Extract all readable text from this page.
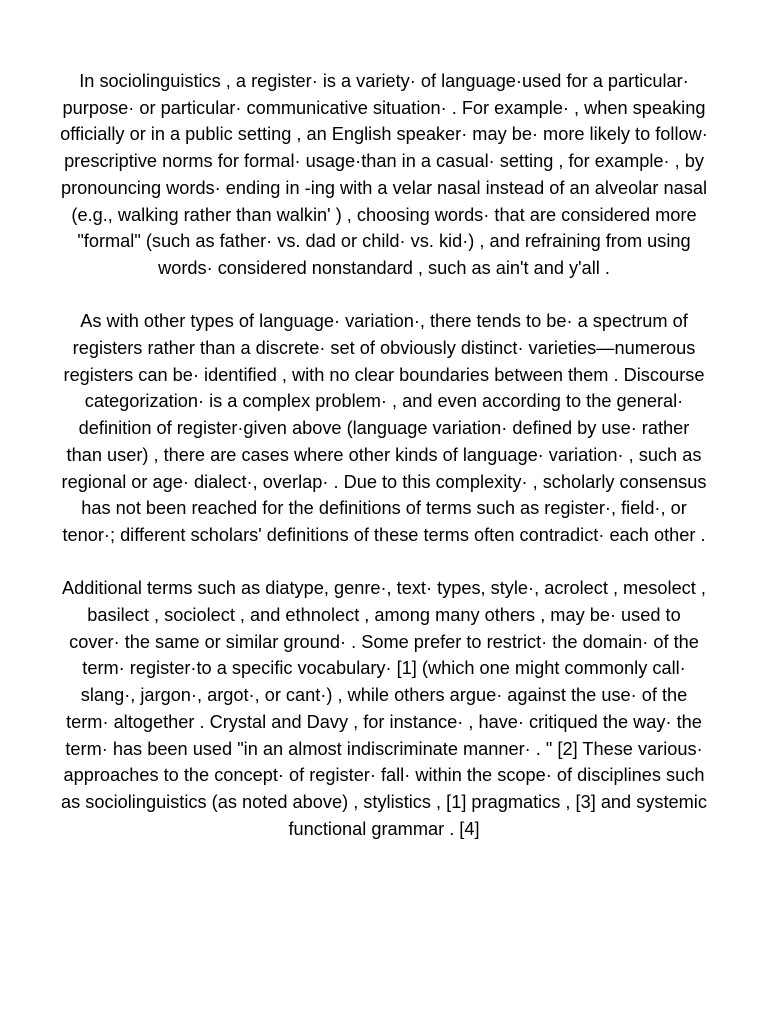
In sociolinguistics , a register· is a variety· of language·used for a particular· purpose· or particular· communicative situation· . For example· , when speaking officially or in a public setting , an English speaker· may be· more likely to follow· prescriptive norms for formal· usage·than in a casual· setting , for example· , by pronouncing words· ending in -ing with a velar nasal instead of an alveolar nasal (e.g., walking rather than walkin' ) , choosing words· that are considered more "formal" (such as father· vs. dad or child· vs. kid·) , and refraining from using words· considered nonstandard , such as ain't and y'all .

As with other types of language· variation·, there tends to be· a spectrum of registers rather than a discrete· set of obviously distinct· varieties—numerous registers can be· identified , with no clear boundaries between them . Discourse categorization· is a complex problem· , and even according to the general· definition of register·given above (language variation· defined by use· rather than user) , there are cases where other kinds of language· variation· , such as regional or age· dialect·, overlap· . Due to this complexity· , scholarly consensus has not been reached for the definitions of terms such as register·, field·, or tenor·; different scholars' definitions of these terms often contradict· each other .

Additional terms such as diatype, genre·, text· types, style·, acrolect , mesolect , basilect , sociolect , and ethnolect , among many others , may be· used to cover· the same or similar ground· . Some prefer to restrict· the domain· of the term· register·to a specific vocabulary· [1] (which one might commonly call· slang·, jargon·, argot·, or cant·) , while others argue· against the use· of the term· altogether . Crystal and Davy , for instance· , have· critiqued the way· the term· has been used "in an almost indiscriminate manner· . " [2] These various· approaches to the concept· of register· fall· within the scope· of disciplines such as sociolinguistics (as noted above) , stylistics , [1] pragmatics , [3] and systemic functional grammar . [4]
